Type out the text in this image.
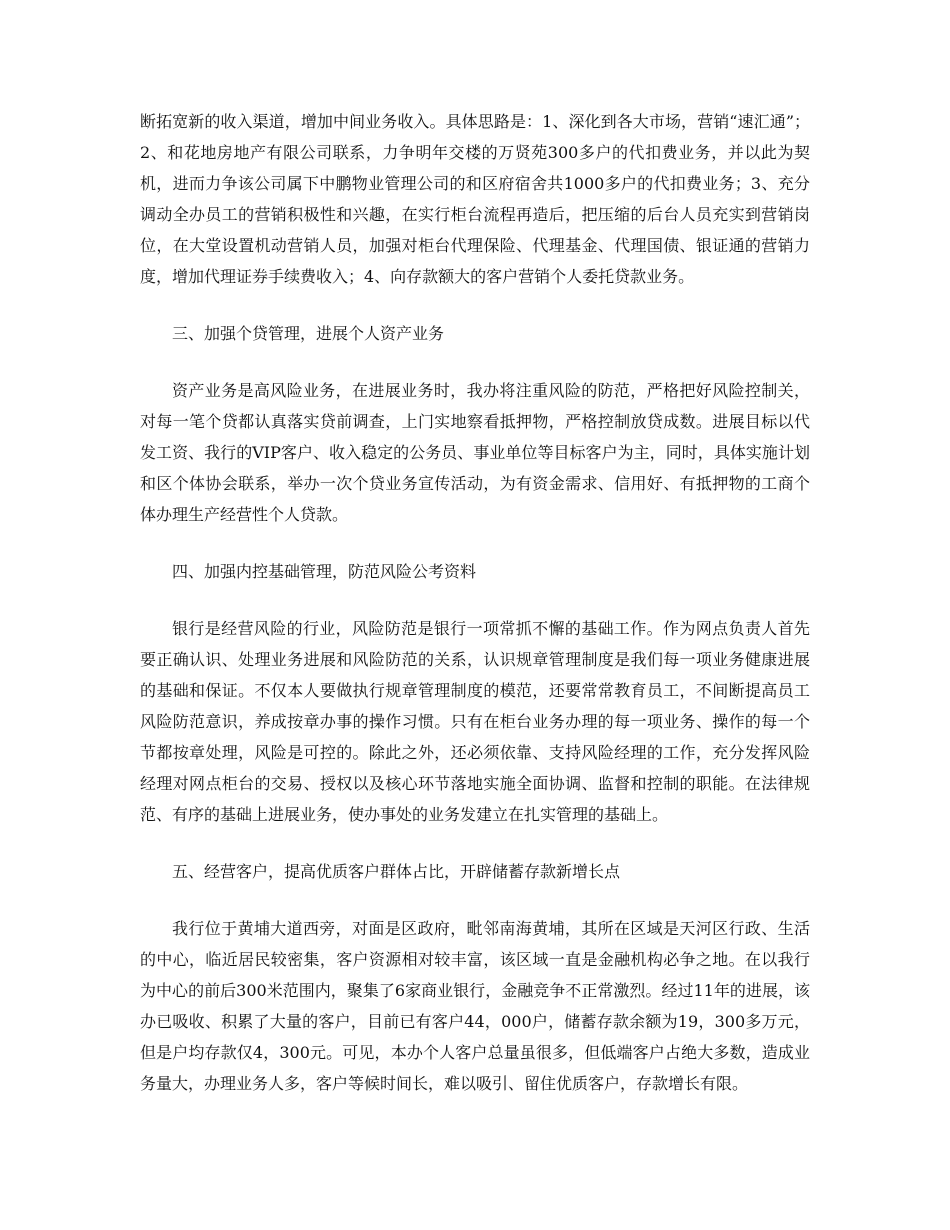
断拓宽新的收入渠道，增加中间业务收入。具体思路是：1、深化到各大市场，营销“速汇通”；2、和花地房地产有限公司联系，力争明年交楼的万贤苑300多户的代扣费业务，并以此为契机，进而力争该公司属下中鹏物业管理公司的和区府宿舍共1000多户的代扣费业务；3、充分调动全办员工的营销积极性和兴趣，在实行柜台流程再造后，把压缩的后台人员充实到营销岗位，在大堂设置机动营销人员，加强对柜台代理保险、代理基金、代理国债、银证通的营销力度，增加代理证券手续费收入；4、向存款额大的客户营销个人委托贷款业务。

三、加强个贷管理，进展个人资产业务

资产业务是高风险业务，在进展业务时，我办将注重风险的防范，严格把好风险控制关，对每一笔个贷都认真落实贷前调查，上门实地察看抵押物，严格控制放贷成数。进展目标以代发工资、我行的VIP客户、收入稳定的公务员、事业单位等目标客户为主，同时，具体实施计划和区个体协会联系，举办一次个贷业务宣传活动，为有资金需求、信用好、有抵押物的工商个体办理生产经营性个人贷款。

四、加强内控基础管理，防范风险公考资料

银行是经营风险的行业，风险防范是银行一项常抓不懈的基础工作。作为网点负责人首先要正确认识、处理业务进展和风险防范的关系，认识规章管理制度是我们每一项业务健康进展的基础和保证。不仅本人要做执行规章管理制度的模范，还要常常教育员工，不间断提高员工风险防范意识，养成按章办事的操作习惯。只有在柜台业务办理的每一项业务、操作的每一个节都按章处理，风险是可控的。除此之外，还必须依靠、支持风险经理的工作，充分发挥风险经理对网点柜台的交易、授权以及核心环节落地实施全面协调、监督和控制的职能。在法律规范、有序的基础上进展业务，使办事处的业务发建立在扎实管理的基础上。

五、经营客户，提高优质客户群体占比，开辟储蓄存款新增长点

我行位于黄埔大道西旁，对面是区政府，毗邻南海黄埔，其所在区域是天河区行政、生活的中心，临近居民较密集，客户资源相对较丰富，该区域一直是金融机构必争之地。在以我行为中心的前后300米范围内，聚集了6家商业银行，金融竞争不正常激烈。经过11年的进展，该办已吸收、积累了大量的客户，目前已有客户44，000户，储蓄存款余额为19，300多万元，但是户均存款仅4，300元。可见，本办个人客户总量虽很多，但低端客户占绝大多数，造成业务量大，办理业务人多，客户等候时间长，难以吸引、留住优质客户，存款增长有限。
